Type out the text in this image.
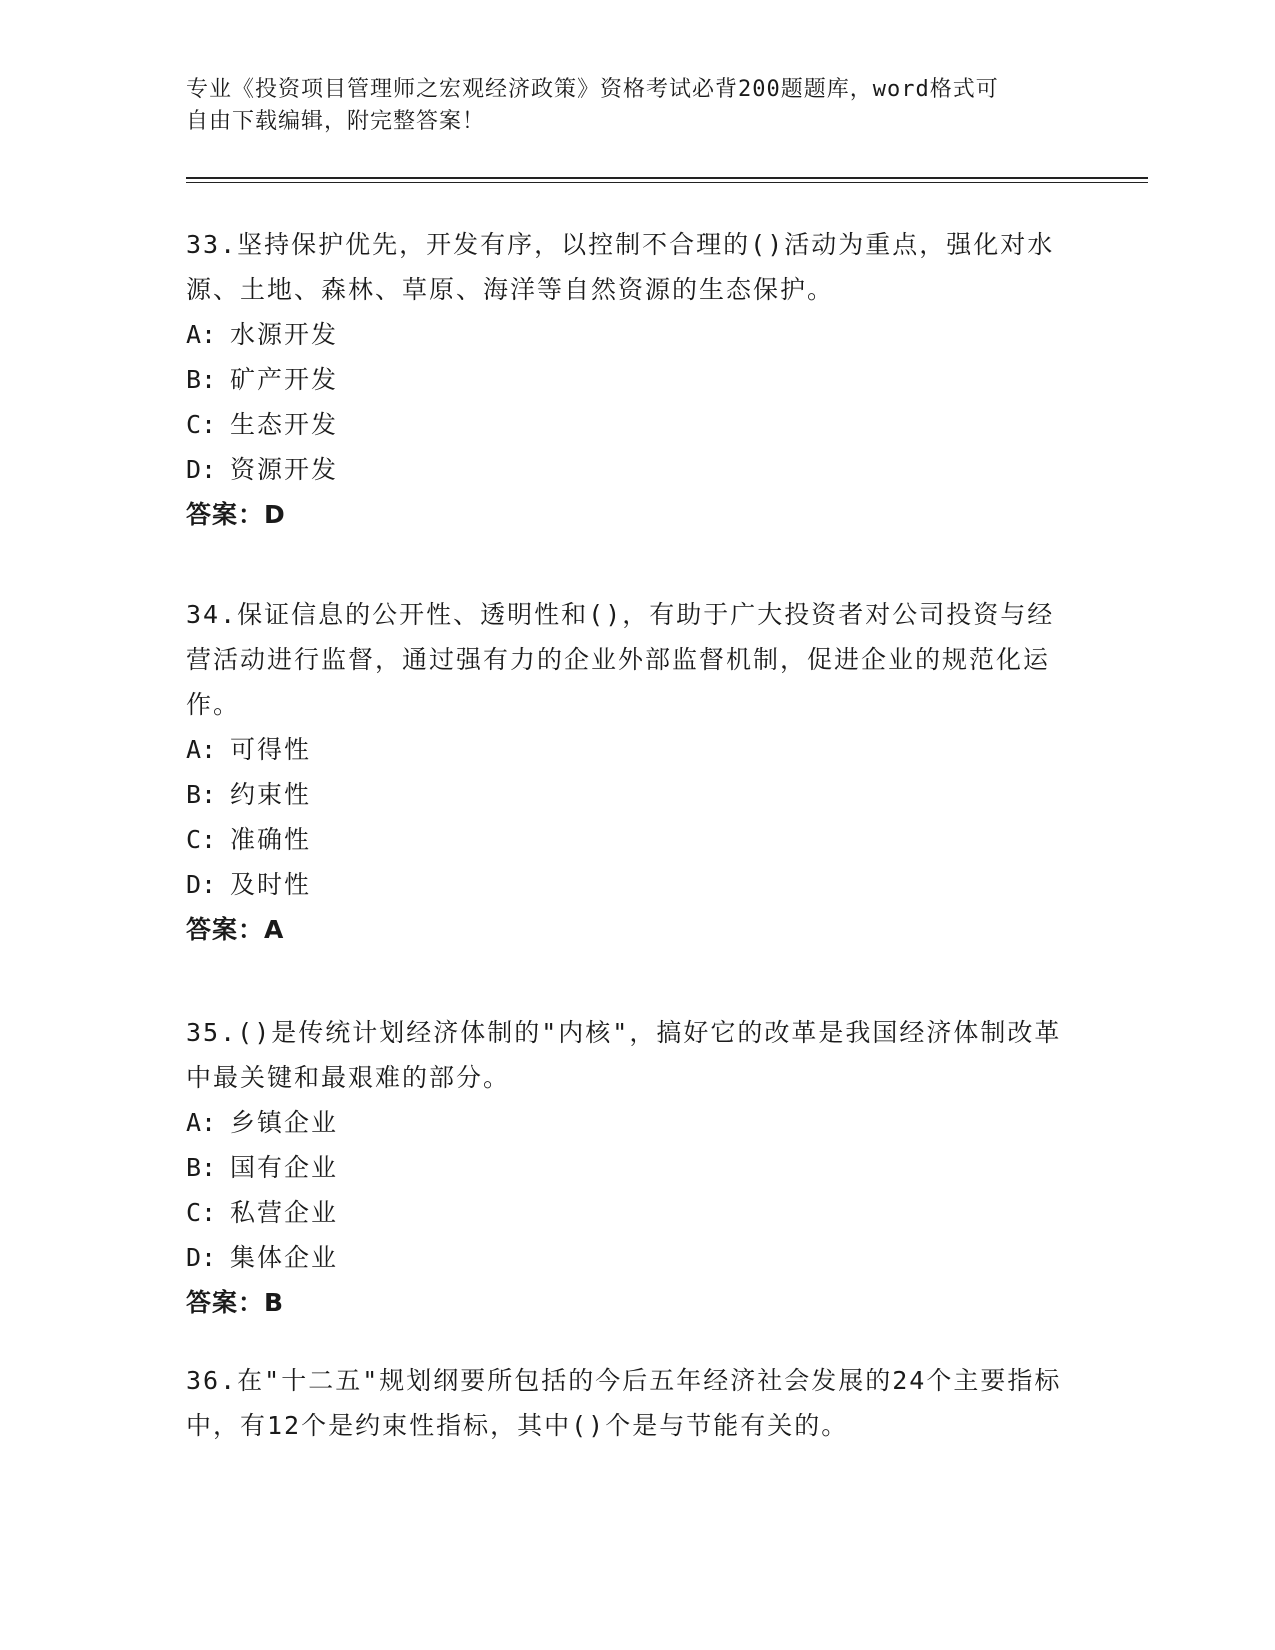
专业《投资项目管理师之宏观经济政策》资格考试必背200题题库，word格式可
自由下载编辑，附完整答案！
33.坚持保护优先，开发有序，以控制不合理的()活动为重点，强化对水源、土地、森林、草原、海洋等自然资源的生态保护。
A: 水源开发
B: 矿产开发
C: 生态开发
D: 资源开发
答案：D
34.保证信息的公开性、透明性和()，有助于广大投资者对公司投资与经营活动进行监督，通过强有力的企业外部监督机制，促进企业的规范化运作。
A: 可得性
B: 约束性
C: 准确性
D: 及时性
答案：A
35.()是传统计划经济体制的"内核"，搞好它的改革是我国经济体制改革中最关键和最艰难的部分。
A: 乡镇企业
B: 国有企业
C: 私营企业
D: 集体企业
答案：B
36.在"十二五"规划纲要所包括的今后五年经济社会发展的24个主要指标中，有12个是约束性指标，其中()个是与节能有关的。
